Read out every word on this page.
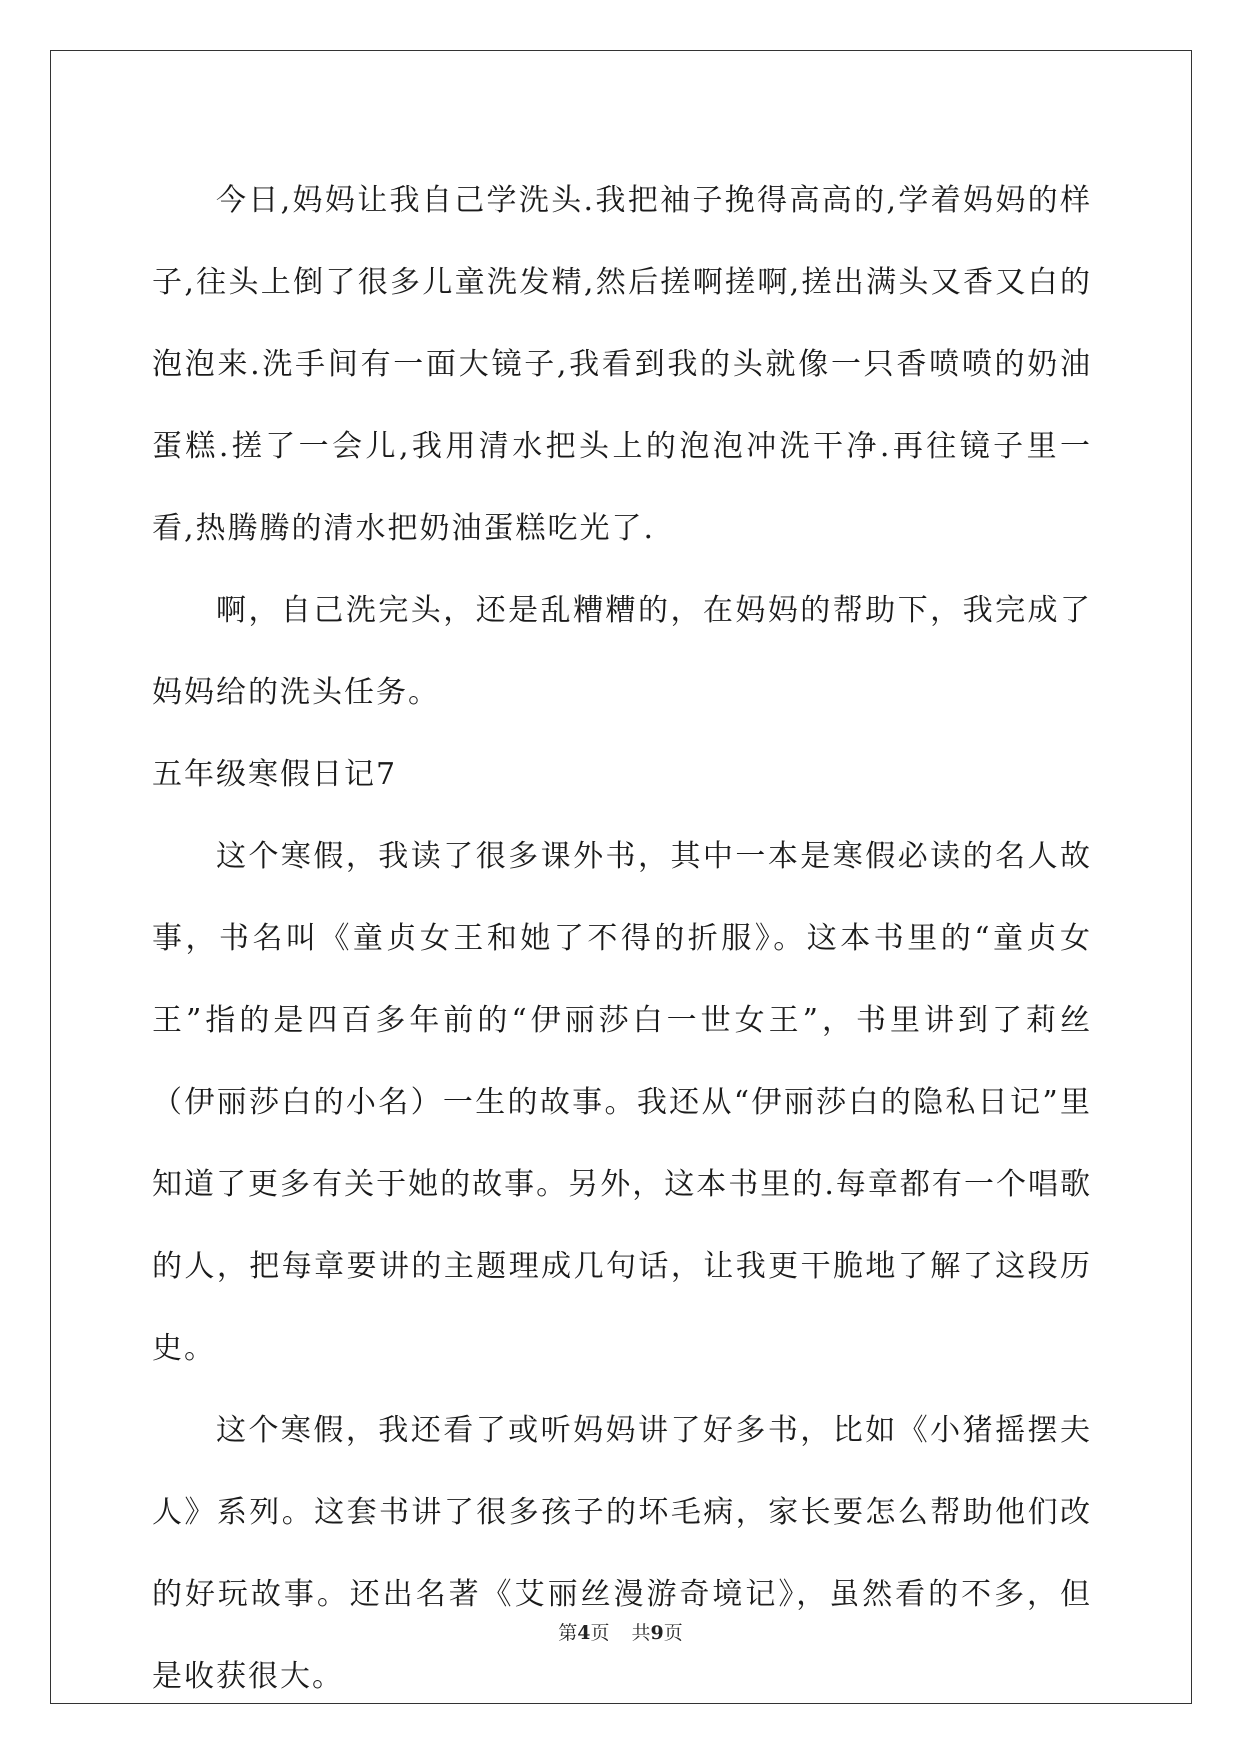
今日,妈妈让我自己学洗头.我把袖子挽得高高的,学着妈妈的样子,往头上倒了很多儿童洗发精,然后搓啊搓啊,搓出满头又香又白的泡泡来.洗手间有一面大镜子,我看到我的头就像一只香喷喷的奶油蛋糕.搓了一会儿,我用清水把头上的泡泡冲洗干净.再往镜子里一看,热腾腾的清水把奶油蛋糕吃光了.

啊，自己洗完头，还是乱糟糟的，在妈妈的帮助下，我完成了妈妈给的洗头任务。

五年级寒假日记7

这个寒假，我读了很多课外书，其中一本是寒假必读的名人故事，书名叫《童贞女王和她了不得的折服》。这本书里的“童贞女王”指的是四百多年前的“伊丽莎白一世女王”，书里讲到了莉丝（伊丽莎白的小名）一生的故事。我还从“伊丽莎白的隐私日记”里知道了更多有关于她的故事。另外，这本书里的.每章都有一个唱歌的人，把每章要讲的主题理成几句话，让我更干脆地了解了这段历史。

这个寒假，我还看了或听妈妈讲了好多书，比如《小猪摇摆夫人》系列。这套书讲了很多孩子的坏毛病，家长要怎么帮助他们改的好玩故事。还出名著《艾丽丝漫游奇境记》，虽然看的不多，但是收获很大。

第4页 共9页
